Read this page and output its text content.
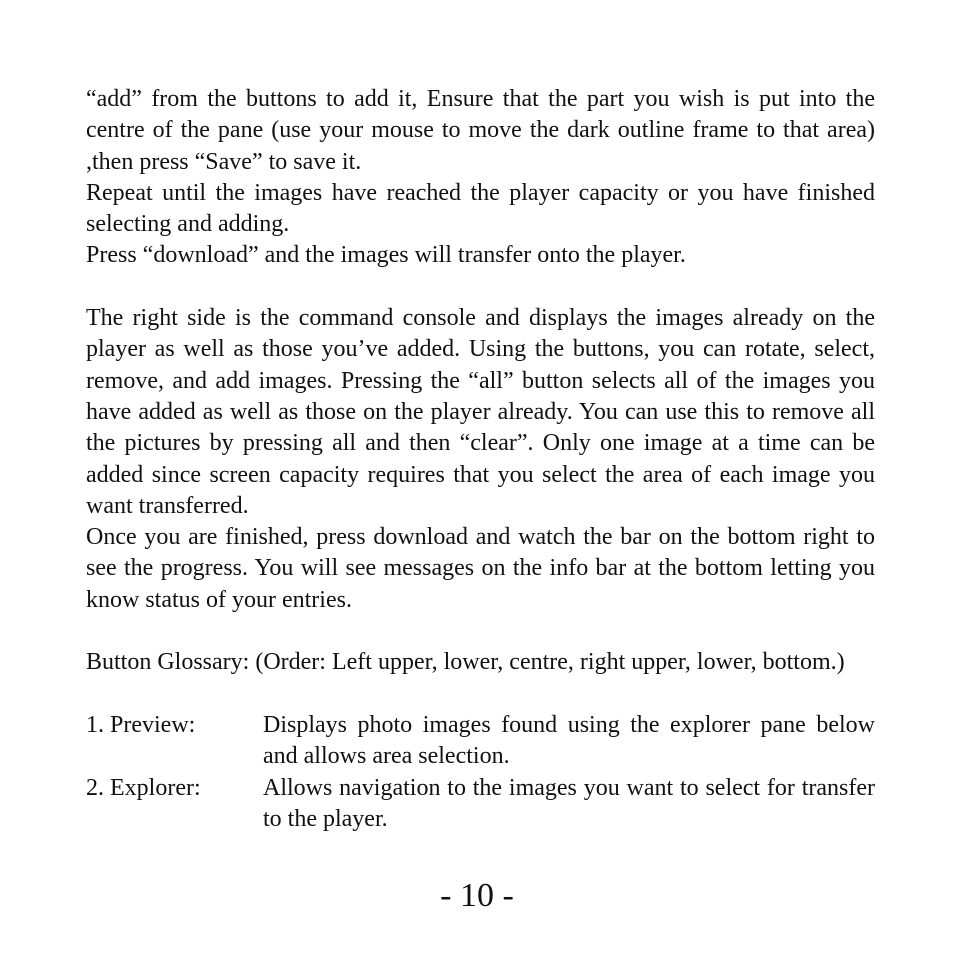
“add” from the buttons to add it, Ensure that the part you wish is put into the centre of the pane (use your mouse to move the dark outline frame to that area) ,then press “Save” to save it.

Repeat until the images have reached the player capacity or you have finished selecting and adding.

Press “download” and the images will transfer onto the player.

The right side is the command console and displays the images already on the player as well as those you’ve added. Using the buttons, you can rotate, select, remove, and add images. Pressing the “all” button selects all of the images you have added as well as those on the player already. You can use this to remove all the pictures by pressing all and then “clear”. Only one image at a time can be added since screen capacity requires that you select the area of each image you want transferred.

Once you are finished, press download and watch the bar on the bottom right to see the progress. You will see messages on the info bar at the bottom letting you know status of your entries.

Button Glossary: (Order: Left upper, lower, centre, right upper, lower, bottom.)

1. Preview:	Displays photo images found using the explorer pane below and allows area selection.
2. Explorer:	Allows navigation to the images you want to select for transfer to the player.
- 10 -
